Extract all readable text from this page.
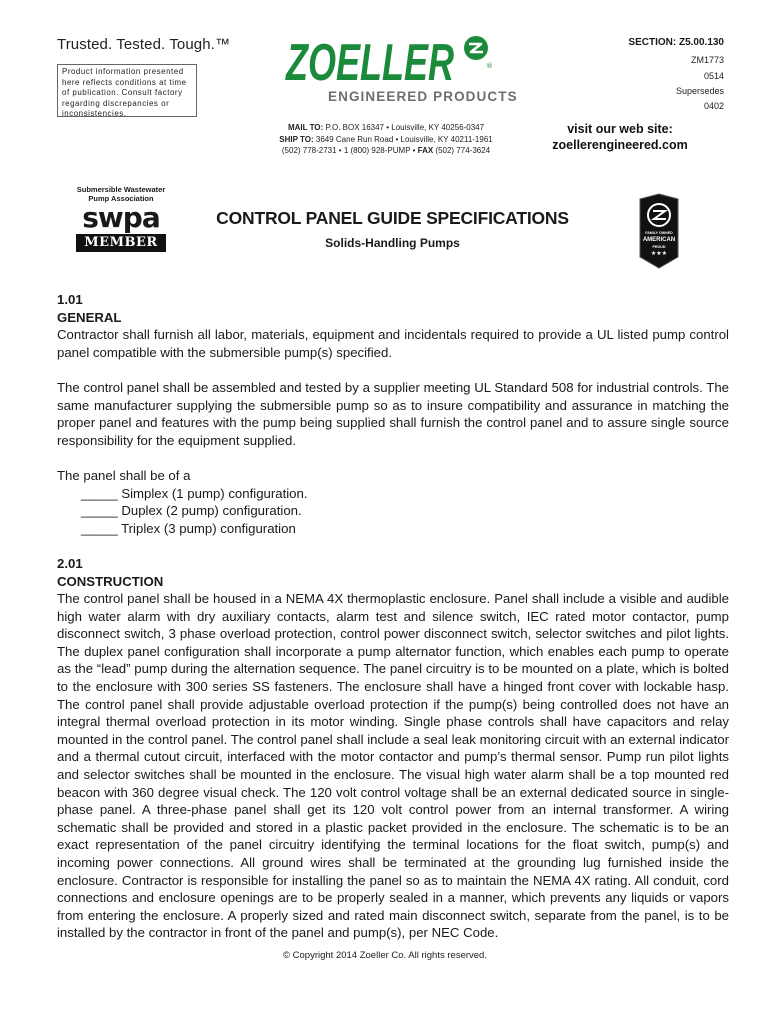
Trusted. Tested. Tough.™
Product information presented here reflects conditions at time of publication. Consult factory regarding discrepancies or inconsistencies.
ZOELLER	®
ENGINEERED PRODUCTS
SECTION: Z5.00.130
ZM1773
0514
Supersedes
0402
MAIL TO: P.O. BOX 16347 • Louisville, KY 40256-0347
SHIP TO: 3649 Cane Run Road • Louisville, KY 40211-1961
(502) 778-2731 • 1 (800) 928-PUMP • FAX (502) 774-3624
visit our web site:
zoellerengineered.com
Submersible Wastewater Pump Association
swpa
MEMBER
CONTROL PANEL GUIDE SPECIFICATIONS
Solids-Handling Pumps
FAMILY OWNED
AMERICAN
PROUD
★★★
1.01
GENERAL
Contractor shall furnish all labor, materials, equipment and incidentals required to provide a UL listed pump control panel compatible with the submersible pump(s) specified.
The control panel shall be assembled and tested by a supplier meeting UL Standard 508 for industrial controls. The same manufacturer supplying the submersible pump so as to insure compatibility and assurance in matching the proper panel and features with the pump being supplied shall furnish the control panel and to assure single source responsibility for the equipment supplied.
The panel shall be of a
_____ Simplex (1 pump) configuration.
_____ Duplex (2 pump) configuration.
_____ Triplex (3 pump) configuration
2.01
CONSTRUCTION
The control panel shall be housed in a NEMA 4X thermoplastic enclosure. Panel shall include a visible and audible high water alarm with dry auxiliary contacts, alarm test and silence switch, IEC rated motor contactor, pump disconnect switch, 3 phase overload protection, control power disconnect switch, selector switches and pilot lights. The duplex panel configuration shall incorporate a pump alternator function, which enables each pump to operate as the “lead” pump during the alternation sequence. The panel circuitry is to be mounted on a plate, which is bolted to the enclosure with 300 series SS fasteners. The enclosure shall have a hinged front cover with lockable hasp. The control panel shall provide adjustable overload protection if the pump(s) being controlled does not have an integral thermal overload protection in its motor winding. Single phase controls shall have capacitors and relay mounted in the control panel. The control panel shall include a seal leak monitoring circuit with an external indicator and a thermal cutout circuit, interfaced with the motor contactor and pump’s thermal sensor. Pump run pilot lights and selector switches shall be mounted in the enclosure. The visual high water alarm shall be a top mounted red beacon with 360 degree visual check. The 120 volt control voltage shall be an external dedicated source in single-phase panel. A three-phase panel shall get its 120 volt control power from an internal transformer. A wiring schematic shall be provided and stored in a plastic packet provided in the enclosure. The schematic is to be an exact representation of the panel circuitry identifying the terminal locations for the float switch, pump(s) and incoming power connections. All ground wires shall be terminated at the grounding lug furnished inside the enclosure. Contractor is responsible for installing the panel so as to maintain the NEMA 4X rating. All conduit, cord connections and enclosure openings are to be properly sealed in a manner, which prevents any liquids or vapors from entering the enclosure. A properly sized and rated main disconnect switch, separate from the panel, is to be installed by the contractor in front of the panel and pump(s), per NEC Code.
© Copyright 2014 Zoeller Co. All rights reserved.
